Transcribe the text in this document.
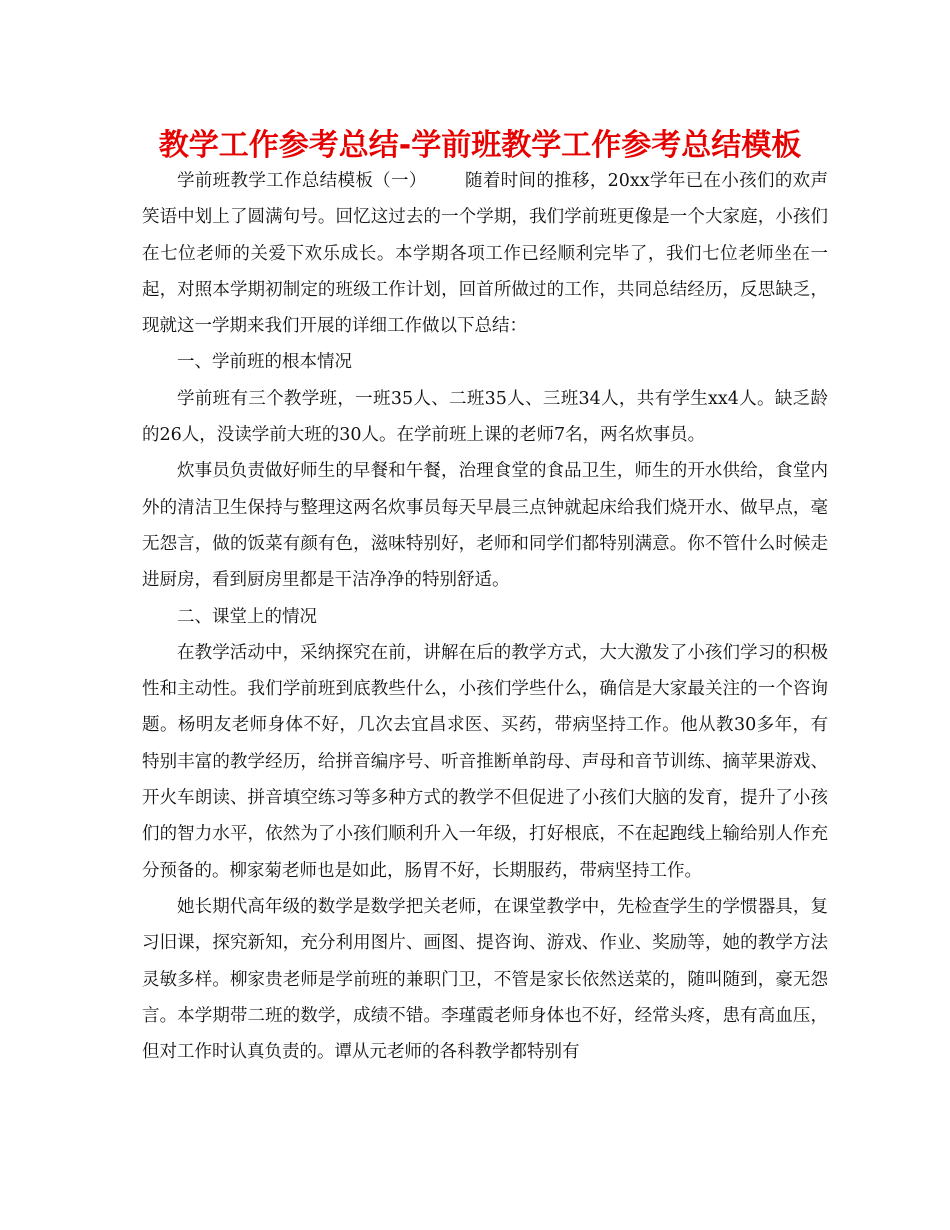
教学工作参考总结-学前班教学工作参考总结模板

学前班教学工作总结模板（一） 随着时间的推移，20xx学年已在小孩们的欢声笑语中划上了圆满句号。回忆这过去的一个学期，我们学前班更像是一个大家庭，小孩们在七位老师的关爱下欢乐成长。本学期各项工作已经顺利完毕了，我们七位老师坐在一起，对照本学期初制定的班级工作计划，回首所做过的工作，共同总结经历，反思缺乏，现就这一学期来我们开展的详细工作做以下总结：

一、学前班的根本情况

学前班有三个教学班，一班35人、二班35人、三班34人，共有学生xx4人。缺乏龄的26人，没读学前大班的30人。在学前班上课的老师7名，两名炊事员。

炊事员负责做好师生的早餐和午餐，治理食堂的食品卫生，师生的开水供给，食堂内外的清洁卫生保持与整理这两名炊事员每天早晨三点钟就起床给我们烧开水、做早点，毫无怨言，做的饭菜有颜有色，滋味特别好，老师和同学们都特别满意。你不管什么时候走进厨房，看到厨房里都是干洁净净的特别舒适。

二、课堂上的情况

在教学活动中，采纳探究在前，讲解在后的教学方式，大大激发了小孩们学习的积极性和主动性。我们学前班到底教些什么，小孩们学些什么，确信是大家最关注的一个咨询题。杨明友老师身体不好，几次去宜昌求医、买药，带病坚持工作。他从教30多年，有特别丰富的教学经历，给拼音编序号、听音推断单韵母、声母和音节训练、摘苹果游戏、开火车朗读、拼音填空练习等多种方式的教学不但促进了小孩们大脑的发育，提升了小孩们的智力水平，依然为了小孩们顺利升入一年级，打好根底，不在起跑线上输给别人作充分预备的。柳家菊老师也是如此，肠胃不好，长期服药，带病坚持工作。

她长期代高年级的数学是数学把关老师，在课堂教学中，先检查学生的学惯器具，复习旧课，探究新知，充分利用图片、画图、提咨询、游戏、作业、奖励等，她的教学方法灵敏多样。柳家贵老师是学前班的兼职门卫，不管是家长依然送菜的，随叫随到，豪无怨言。本学期带二班的数学，成绩不错。李瑾霞老师身体也不好，经常头疼，患有高血压，但对工作时认真负责的。谭从元老师的各科教学都特别有
